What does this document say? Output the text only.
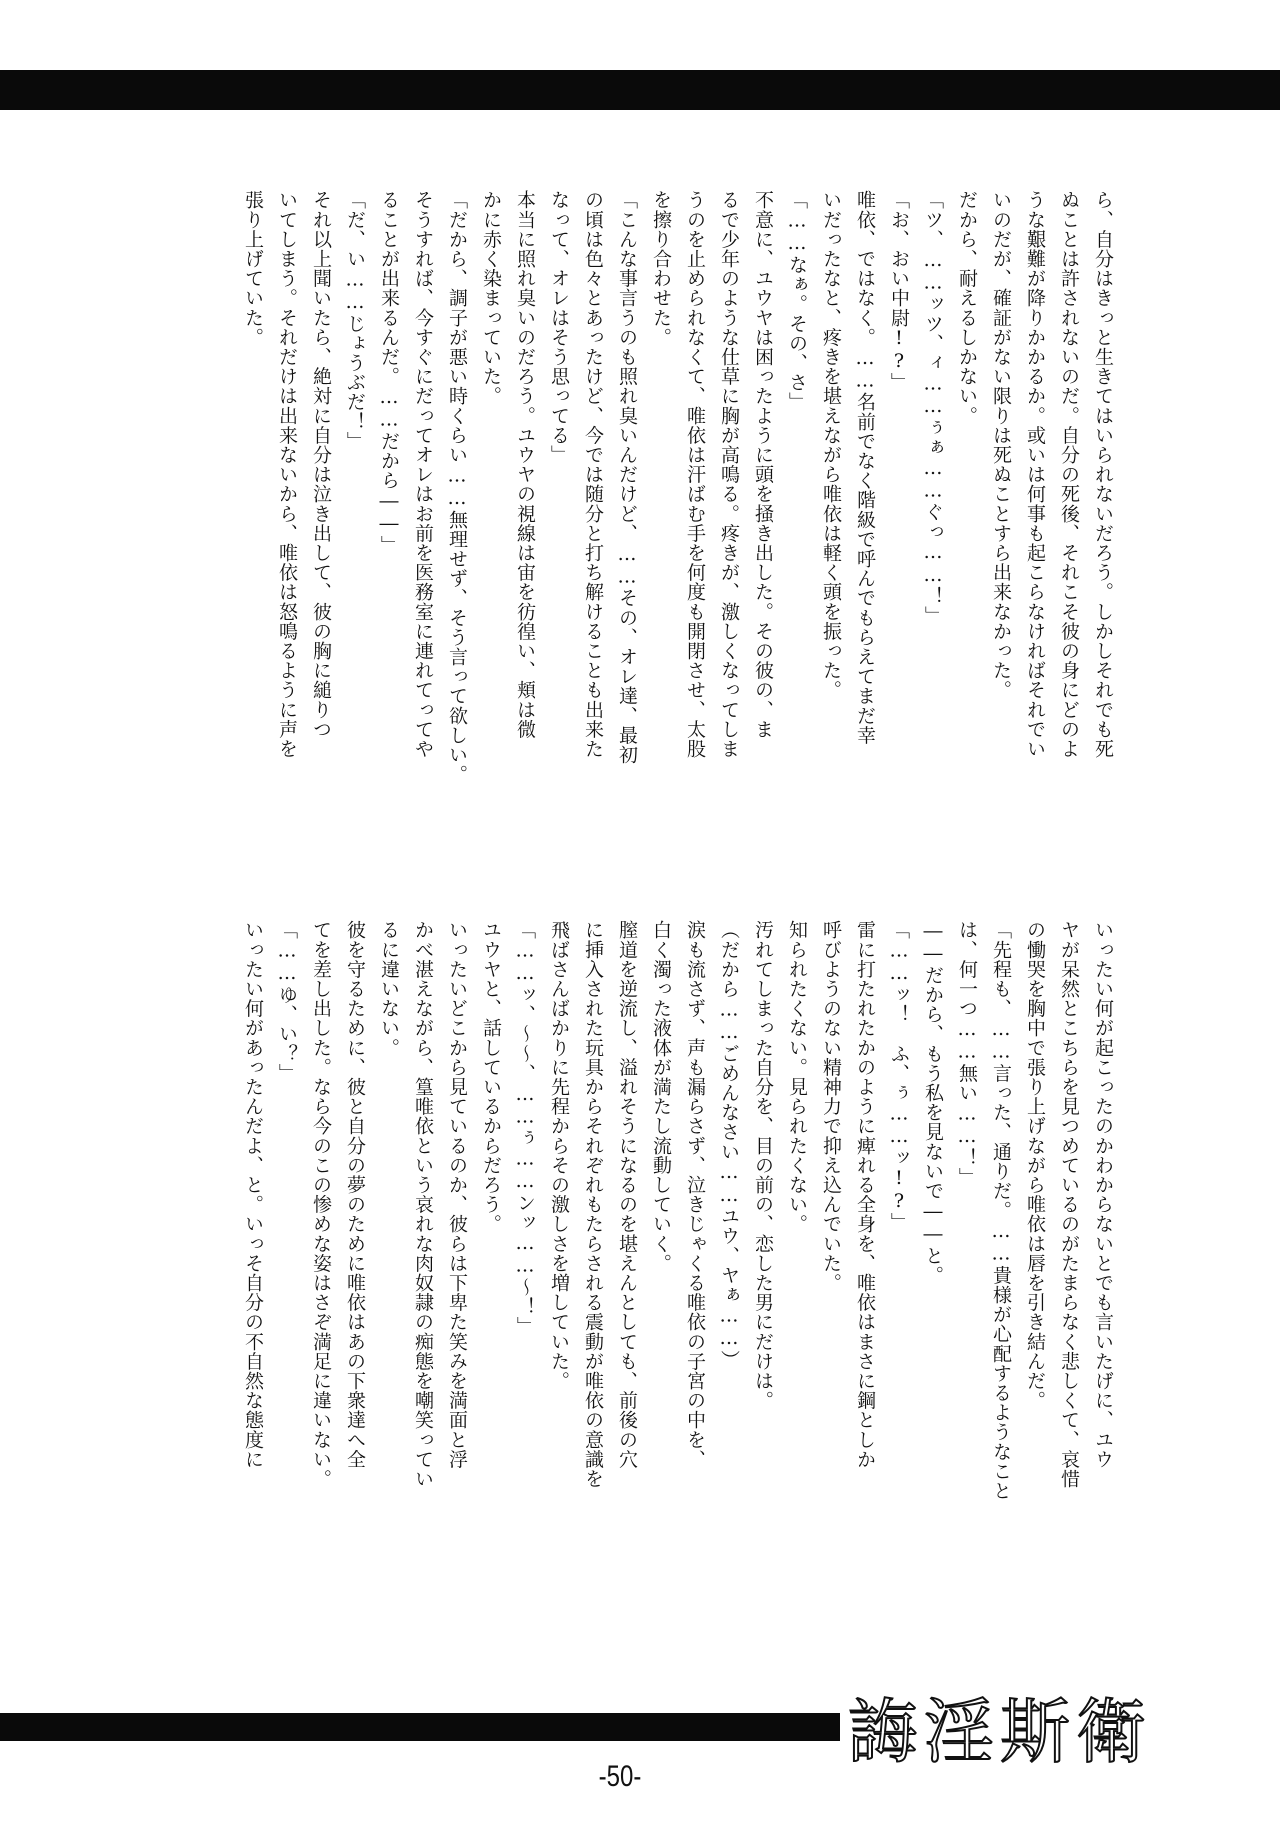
ら、自分はきっと生きてはいられないだろう。しかしそれでも死

ぬことは許されないのだ。自分の死後、それこそ彼の身にどのよ

うな艱難が降りかかるか。或いは何事も起こらなければそれでい

いのだが、確証がない限りは死ぬことすら出来なかった。

だから、耐えるしかない。

「ツ、……ッツ、ィ……ぅぁ……ぐっ……！」

「お、おい中尉!?」

唯依、ではなく。……名前でなく階級で呼んでもらえてまだ幸

いだったなと、疼きを堪えながら唯依は軽く頭を振った。

「……なぁ。その、さ」

不意に、ユウヤは困ったように頭を掻き出した。その彼の、ま

るで少年のような仕草に胸が高鳴る。疼きが、激しくなってしま

うのを止められなくて、唯依は汗ばむ手を何度も開閉させ、太股

を擦り合わせた。

「こんな事言うのも照れ臭いんだけど、……その、オレ達、最初

の頃は色々とあったけど、今では随分と打ち解けることも出来た

なって、オレはそう思ってる」

本当に照れ臭いのだろう。ユウヤの視線は宙を彷徨い、頬は微

かに赤く染まっていた。

「だから、調子が悪い時くらい……無理せず、そう言って欲しい。

そうすれば、今すぐにだってオレはお前を医務室に連れてってや

ることが出来るんだ。……だから――」

「だ、い……じょうぶだ！」

それ以上聞いたら、絶対に自分は泣き出して、彼の胸に縋りつ

いてしまう。それだけは出来ないから、唯依は怒鳴るように声を

張り上げていた。

いったい何が起こったのかわからないとでも言いたげに、ユウ

ヤが呆然とこちらを見つめているのがたまらなく悲しくて、哀惜

の慟哭を胸中で張り上げながら唯依は唇を引き結んだ。

「先程も、……言った、通りだ。……貴様が心配するようなこと

は、何一つ……無い……！」

――だから、もう私を見ないで――と。

「……ッ！　ふ、ぅ……ッ!?」

雷に打たれたかのように痺れる全身を、唯依はまさに鋼としか

呼びようのない精神力で抑え込んでいた。

知られたくない。見られたくない。

汚れてしまった自分を、目の前の、恋した男にだけは。

（だから……ごめんなさい……ユウ、ヤぁ……）

涙も流さず、声も漏らさず、泣きじゃくる唯依の子宮の中を、

白く濁った液体が満たし流動していく。

膣道を逆流し、溢れそうになるのを堪えんとしても、前後の穴

に挿入された玩具からそれぞれもたらされる震動が唯依の意識を

飛ばさんばかりに先程からその激しさを増していた。

「……ッ、～～、……ぅ……ンッ……～！」

ユウヤと、話しているからだろう。

いったいどこから見ているのか、彼らは下卑た笑みを満面と浮

かべ湛えながら、篁唯依という哀れな肉奴隷の痴態を嘲笑ってい

るに違いない。

彼を守るために、彼と自分の夢のために唯依はあの下衆達へ全

てを差し出した。なら今のこの惨めな姿はさぞ満足に違いない。

「……ゆ、い？」

いったい何があったんだよ、と。いっそ自分の不自然な態度に

誨淫斯衛
-50-
